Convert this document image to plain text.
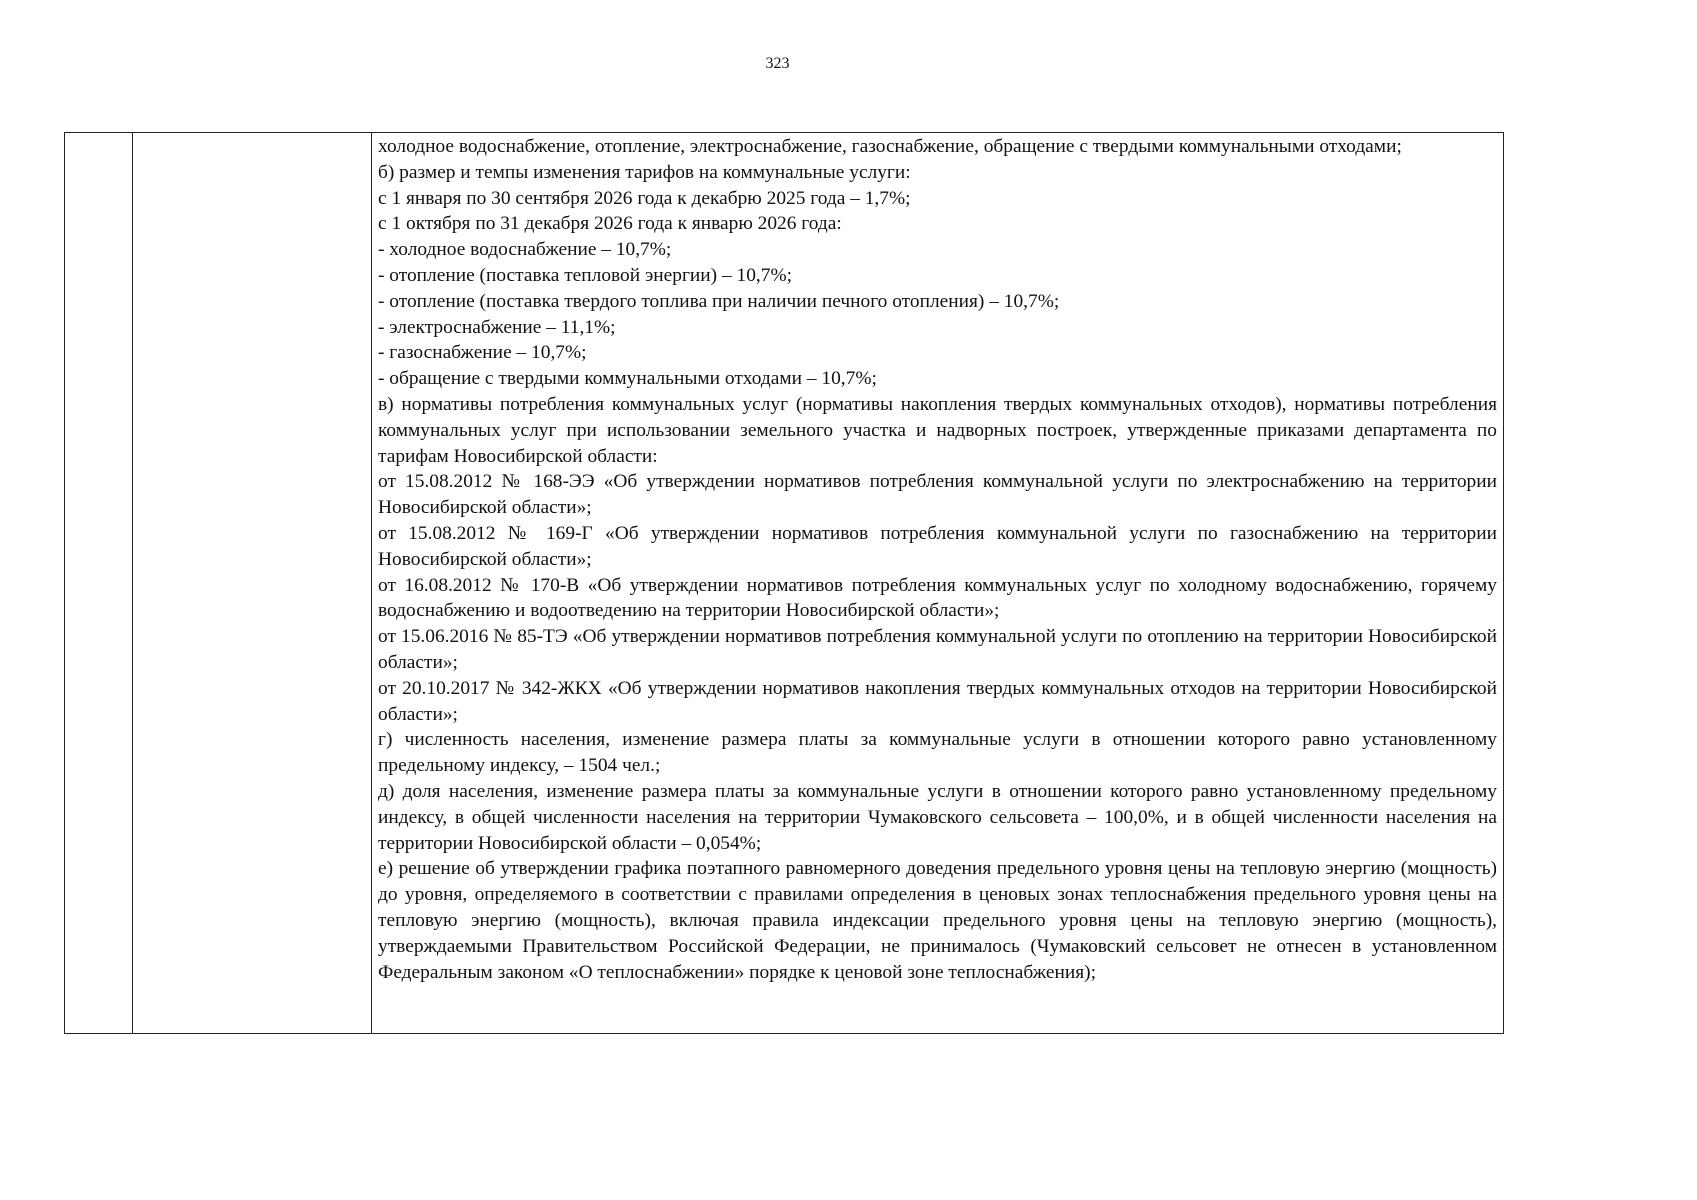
323

холодное водоснабжение, отопление, электроснабжение, газоснабжение, обращение с твердыми коммунальными отходами;

б) размер и темпы изменения тарифов на коммунальные услуги:

с 1 января по 30 сентября 2026 года к декабрю 2025 года – 1,7%;

с 1 октября по 31 декабря 2026 года к январю 2026 года:

- холодное водоснабжение – 10,7%;

- отопление (поставка тепловой энергии) – 10,7%;

- отопление (поставка твердого топлива при наличии печного отопления) – 10,7%;

- электроснабжение – 11,1%;

- газоснабжение – 10,7%;

- обращение с твердыми коммунальными отходами – 10,7%;

в) нормативы потребления коммунальных услуг (нормативы накопления твердых коммунальных отходов), нормативы потребления коммунальных услуг при использовании земельного участка и надворных построек, утвержденные приказами департамента по тарифам Новосибирской области:

от 15.08.2012 № 168-ЭЭ «Об утверждении нормативов потребления коммунальной услуги по электроснабжению на территории Новосибирской области»;

от 15.08.2012 № 169-Г «Об утверждении нормативов потребления коммунальной услуги по газоснабжению на территории Новосибирской области»;

от 16.08.2012 № 170-В «Об утверждении нормативов потребления коммунальных услуг по холодному водоснабжению, горячему водоснабжению и водоотведению на территории Новосибирской области»;

от 15.06.2016 № 85-ТЭ «Об утверждении нормативов потребления коммунальной услуги по отоплению на территории Новосибирской области»;

от 20.10.2017 № 342-ЖКХ «Об утверждении нормативов накопления твердых коммунальных отходов на территории Новосибирской области»;

г) численность населения, изменение размера платы за коммунальные услуги в отношении которого равно установленному предельному индексу, – 1504 чел.;

д) доля населения, изменение размера платы за коммунальные услуги в отношении которого равно установленному предельному индексу, в общей численности населения на территории Чумаковского сельсовета – 100,0%, и в общей численности населения на территории Новосибирской области – 0,054%;

е) решение об утверждении графика поэтапного равномерного доведения предельного уровня цены на тепловую энергию (мощность) до уровня, определяемого в соответствии с правилами определения в ценовых зонах теплоснабжения предельного уровня цены на тепловую энергию (мощность), включая правила индексации предельного уровня цены на тепловую энергию (мощность), утверждаемыми Правительством Российской Федерации, не принималось (Чумаковский сельсовет не отнесен в установленном Федеральным законом «О теплоснабжении» порядке к ценовой зоне теплоснабжения);
